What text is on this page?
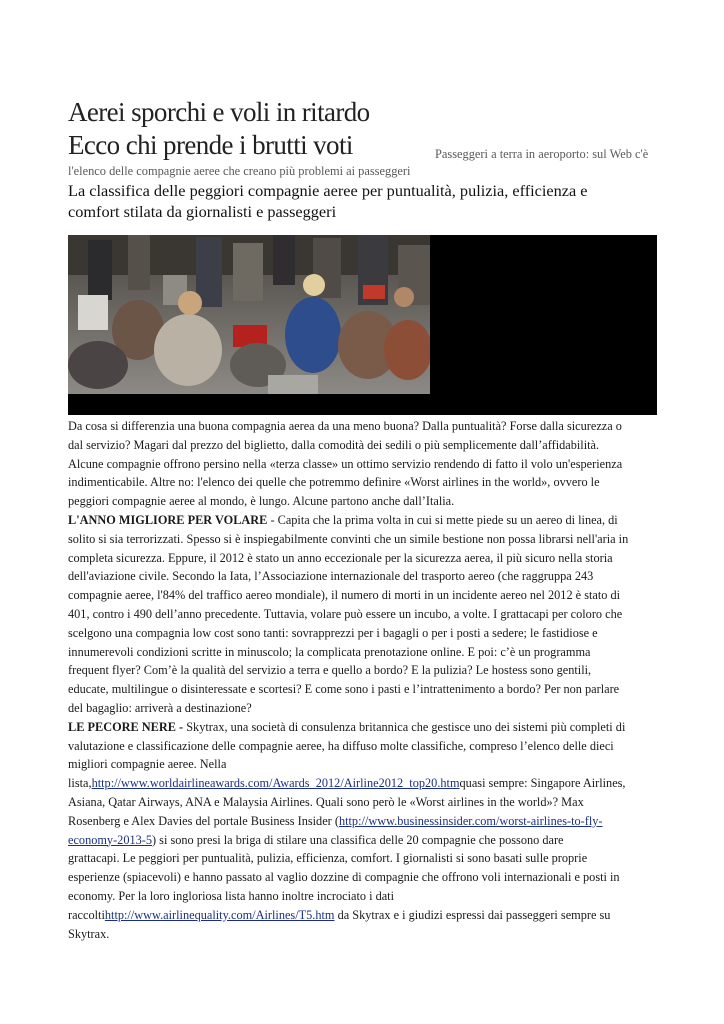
Aerei sporchi e voli in ritardo
Ecco chi prende i brutti voti
La classifica delle peggiori compagnie aeree per puntualità, pulizia, efficienza e
comfort stilata da giornalisti e passeggeri
Passeggeri a terra in aeroporto: sul Web c'è
l'elenco delle compagnie aeree che creano più problemi ai passeggeri
Da cosa si differenzia una buona compagnia aerea da una meno buona? Dalla puntualità? Forse dalla sicurezza o
dal servizio? Magari dal prezzo del biglietto, dalla comodità dei sedili o più semplicemente dall’affidabilità.
Alcune compagnie offrono persino nella «terza classe» un ottimo servizio rendendo di fatto il volo un'esperienza
indimenticabile. Altre no: l'elenco dei quelle che potremmo definire «Worst airlines in the world», ovvero le
peggiori compagnie aeree al mondo, è lungo. Alcune partono anche dall’Italia.
L'ANNO MIGLIORE PER VOLARE - Capita che la prima volta in cui si mette piede su un aereo di linea, di
solito si sia terrorizzati. Spesso si è inspiegabilmente convinti che un simile bestione non possa librarsi nell'aria in
completa sicurezza. Eppure, il 2012 è stato un anno eccezionale per la sicurezza aerea, il più sicuro nella storia
dell'aviazione civile. Secondo la Iata, l’Associazione internazionale del trasporto aereo (che raggruppa 243
compagnie aeree, l'84% del traffico aereo mondiale), il numero di morti in un incidente aereo nel 2012 è stato di
401, contro i 490 dell’anno precedente. Tuttavia, volare può essere un incubo, a volte. I grattacapi per coloro che
scelgono una compagnia low cost sono tanti: sovrapprezzi per i bagagli o per i posti a sedere; le fastidiose e
innumerevoli condizioni scritte in minuscolo; la complicata prenotazione online. E poi: c’è un programma
frequent flyer? Com’è la qualità del servizio a terra e quello a bordo? E la pulizia? Le hostess sono gentili,
educate, multilingue o disinteressate e scortesi? E come sono i pasti e l’intrattenimento a bordo? Per non parlare
del bagaglio: arriverà a destinazione?
LE PECORE NERE - Skytrax, una società di consulenza britannica che gestisce uno dei sistemi più completi di
valutazione e classificazione delle compagnie aeree, ha diffuso molte classifiche, compreso l’elenco delle dieci
migliori compagnie aeree. Nella
lista,http://www.worldairlineawards.com/Awards_2012/Airline2012_top20.htmquasi sempre: Singapore Airlines,
Asiana, Qatar Airways, ANA e Malaysia Airlines. Quali sono però le «Worst airlines in the world»? Max
Rosenberg e Alex Davies del portale Business Insider (http://www.businessinsider.com/worst-airlines-to-fly-
economy-2013-5) si sono presi la briga di stilare una classifica delle 20 compagnie che possono dare
grattacapi. Le peggiori per puntualità, pulizia, efficienza, comfort. I giornalisti si sono basati sulle proprie
esperienze (spiacevoli) e hanno passato al vaglio dozzine di compagnie che offrono voli internazionali e posti in
economy. Per la loro ingloriosa lista hanno inoltre incrociato i dati
raccoltihttp://www.airlinequality.com/Airlines/T5.htm da Skytrax e i giudizi espressi dai passeggeri sempre su
Skytrax.
